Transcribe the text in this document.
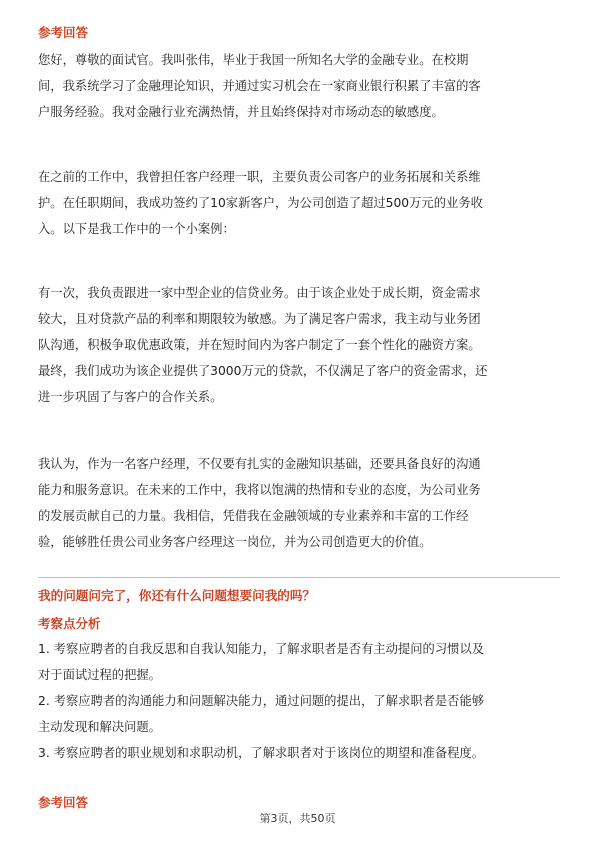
参考回答
您好，尊敬的面试官。我叫张伟，毕业于我国一所知名大学的金融专业。在校期
间，我系统学习了金融理论知识，并通过实习机会在一家商业银行积累了丰富的客
户服务经验。我对金融行业充满热情，并且始终保持对市场动态的敏感度。
在之前的工作中，我曾担任客户经理一职，主要负责公司客户的业务拓展和关系维
护。在任职期间，我成功签约了10家新客户，为公司创造了超过500万元的业务收
入。以下是我工作中的一个小案例：
有一次，我负责跟进一家中型企业的信贷业务。由于该企业处于成长期，资金需求
较大，且对贷款产品的利率和期限较为敏感。为了满足客户需求，我主动与业务团
队沟通，积极争取优惠政策，并在短时间内为客户制定了一套个性化的融资方案。
最终，我们成功为该企业提供了3000万元的贷款，不仅满足了客户的资金需求，还
进一步巩固了与客户的合作关系。
我认为，作为一名客户经理，不仅要有扎实的金融知识基础，还要具备良好的沟通
能力和服务意识。在未来的工作中，我将以饱满的热情和专业的态度，为公司业务
的发展贡献自己的力量。我相信，凭借我在金融领域的专业素养和丰富的工作经
验，能够胜任贵公司业务客户经理这一岗位，并为公司创造更大的价值。
我的问题问完了，你还有什么问题想要问我的吗？
考察点分析
1. 考察应聘者的自我反思和自我认知能力，了解求职者是否有主动提问的习惯以及
对于面试过程的把握。
2. 考察应聘者的沟通能力和问题解决能力，通过问题的提出，了解求职者是否能够
主动发现和解决问题。
3. 考察应聘者的职业规划和求职动机，了解求职者对于该岗位的期望和准备程度。
参考回答
第3页，共50页
